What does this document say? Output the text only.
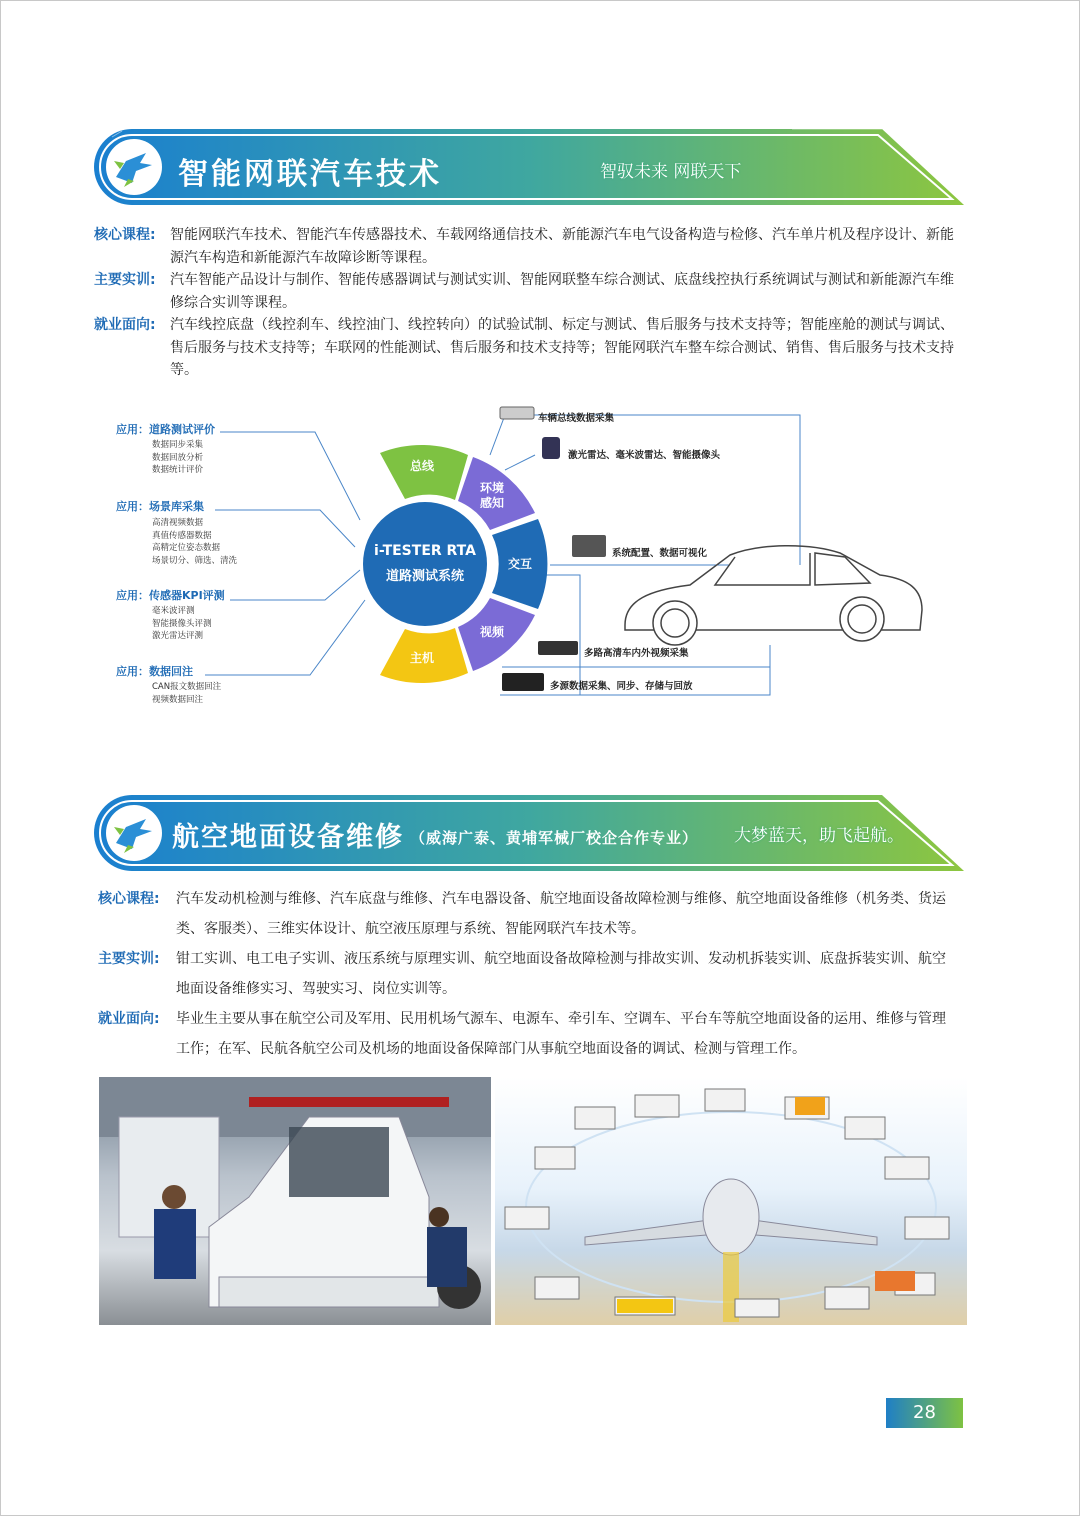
智能网联汽车技术	智驭未来 网联天下
核心课程:	智能网联汽车技术、智能汽车传感器技术、车载网络通信技术、新能源汽车电气设备构造与检修、汽车单片机及程序设计、新能源汽车构造和新能源汽车故障诊断等课程。
主要实训:	汽车智能产品设计与制作、智能传感器调试与测试实训、智能网联整车综合测试、底盘线控执行系统调试与测试和新能源汽车维修综合实训等课程。
就业面向:	汽车线控底盘（线控刹车、线控油门、线控转向）的试验试制、标定与测试、售后服务与技术支持等；智能座舱的测试与调试、售后服务与技术支持等；车联网的性能测试、售后服务和技术支持等；智能网联汽车整车综合测试、销售、售后服务与技术支持等。
应用：道路测试评价
数据同步采集
数据回放分析
数据统计评价
应用：场景库采集
高清视频数据
真值传感器数据
高精定位姿态数据
场景切分、筛选、清洗
应用：传感器KPI评测
毫米波评测
智能摄像头评测
激光雷达评测
应用：数据回注
CAN报文数据回注
视频数据回注
总线
环境
感知
交互
视频
主机
i-TESTER RTA
道路测试系统
车辆总线数据采集
激光雷达、毫米波雷达、智能摄像头
系统配置、数据可视化
多路高清车内外视频采集
多源数据采集、同步、存储与回放
航空地面设备维修 （威海广泰、黄埔军械厂校企合作专业） 大梦蓝天，助飞起航。
核心课程:	汽车发动机检测与维修、汽车底盘与维修、汽车电器设备、航空地面设备故障检测与维修、航空地面设备维修（机务类、货运类、客服类）、三维实体设计、航空液压原理与系统、智能网联汽车技术等。
主要实训:	钳工实训、电工电子实训、液压系统与原理实训、航空地面设备故障检测与排故实训、发动机拆装实训、底盘拆装实训、航空地面设备维修实习、驾驶实习、岗位实训等。
就业面向:	毕业生主要从事在航空公司及军用、民用机场气源车、电源车、牵引车、空调车、平台车等航空地面设备的运用、维修与管理工作；在军、民航各航空公司及机场的地面设备保障部门从事航空地面设备的调试、检测与管理工作。
28
